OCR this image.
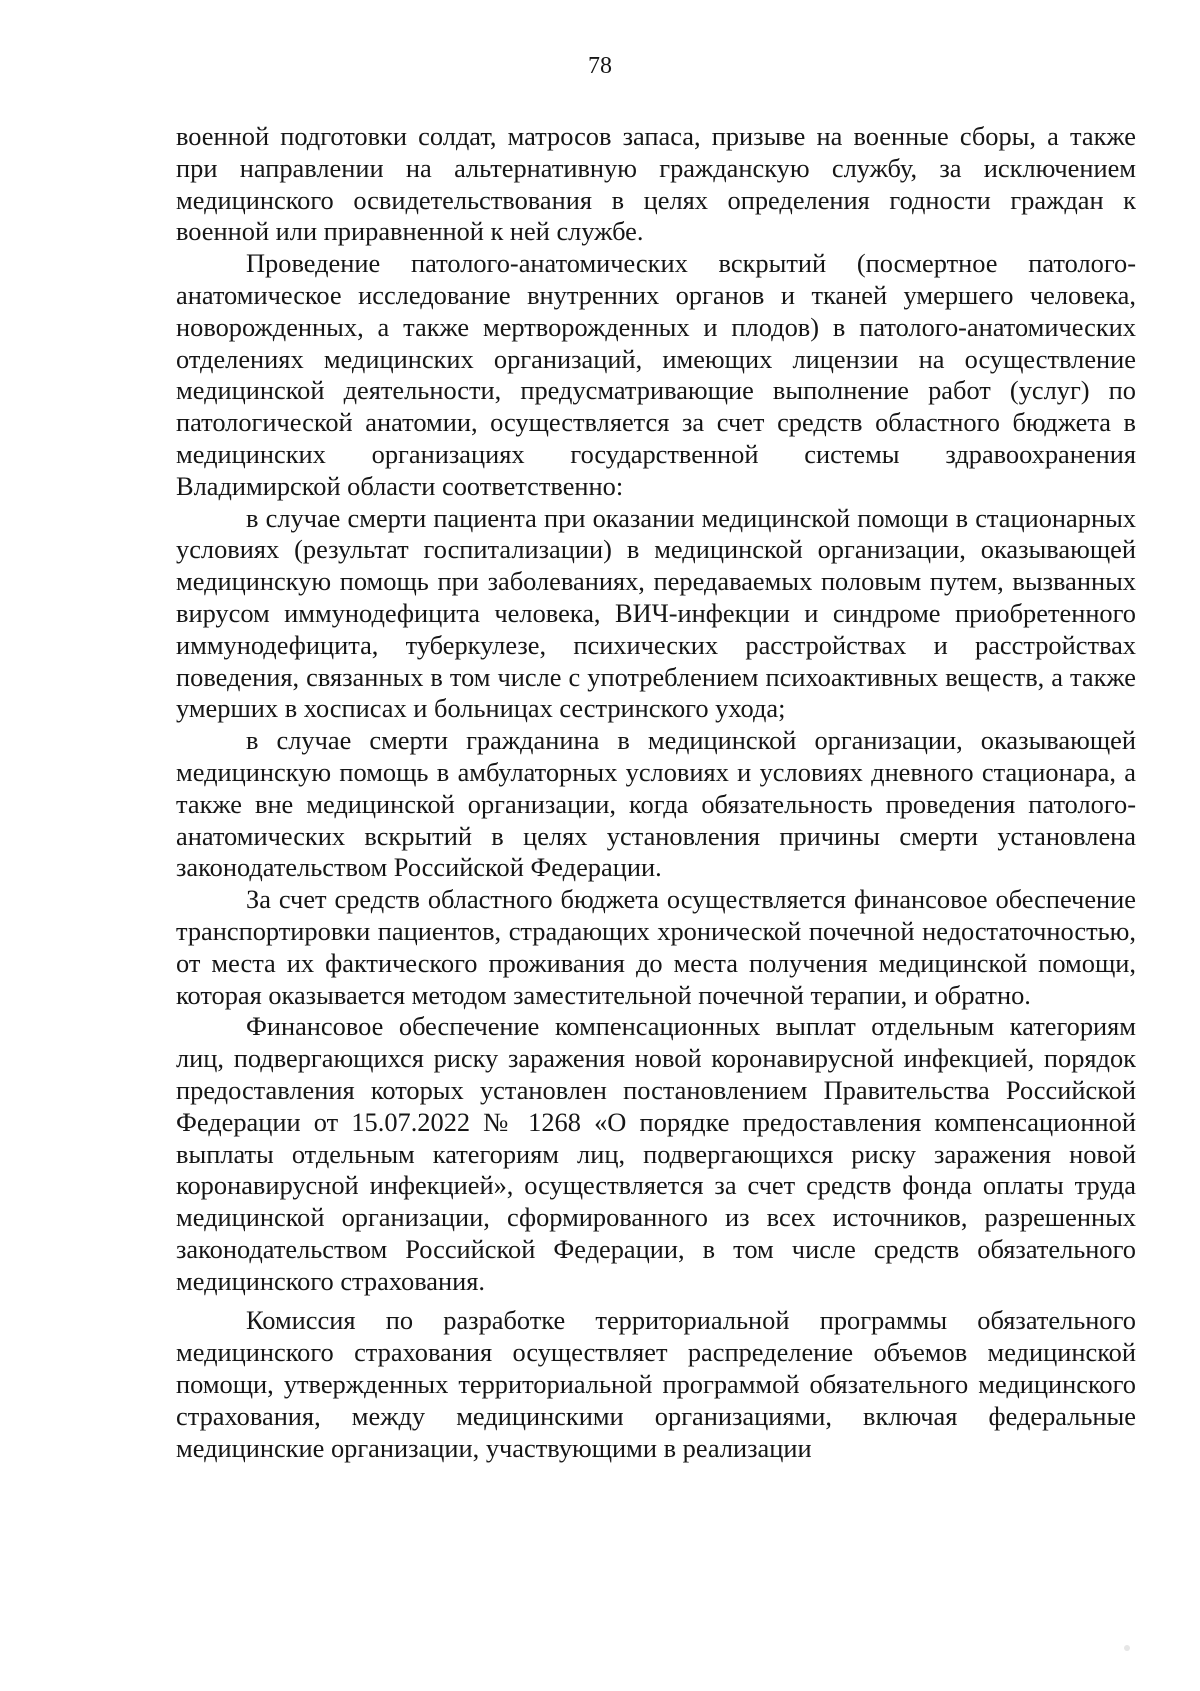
78

военной подготовки солдат, матросов запаса, призыве на военные сборы, а также при направлении на альтернативную гражданскую службу, за исключением медицинского освидетельствования в целях определения годности граждан к военной или приравненной к ней службе.

Проведение патолого-анатомических вскрытий (посмертное патолого-анатомическое исследование внутренних органов и тканей умершего человека, новорожденных, а также мертворожденных и плодов) в патолого-анатомических отделениях медицинских организаций, имеющих лицензии на осуществление медицинской деятельности, предусматривающие выполнение работ (услуг) по патологической анатомии, осуществляется за счет средств областного бюджета в медицинских организациях государственной системы здравоохранения Владимирской области соответственно:

в случае смерти пациента при оказании медицинской помощи в стационарных условиях (результат госпитализации) в медицинской организации, оказывающей медицинскую помощь при заболеваниях, передаваемых половым путем, вызванных вирусом иммунодефицита человека, ВИЧ-инфекции и синдроме приобретенного иммунодефицита, туберкулезе, психических расстройствах и расстройствах поведения, связанных в том числе с употреблением психоактивных веществ, а также умерших в хосписах и больницах сестринского ухода;

в случае смерти гражданина в медицинской организации, оказывающей медицинскую помощь в амбулаторных условиях и условиях дневного стационара, а также вне медицинской организации, когда обязательность проведения патолого-анатомических вскрытий в целях установления причины смерти установлена законодательством Российской Федерации.

За счет средств областного бюджета осуществляется финансовое обеспечение транспортировки пациентов, страдающих хронической почечной недостаточностью, от места их фактического проживания до места получения медицинской помощи, которая оказывается методом заместительной почечной терапии, и обратно.

Финансовое обеспечение компенсационных выплат отдельным категориям лиц, подвергающихся риску заражения новой коронавирусной инфекцией, порядок предоставления которых установлен постановлением Правительства Российской Федерации от 15.07.2022 № 1268 «О порядке предоставления компенсационной выплаты отдельным категориям лиц, подвергающихся риску заражения новой коронавирусной инфекцией», осуществляется за счет средств фонда оплаты труда медицинской организации, сформированного из всех источников, разрешенных законодательством Российской Федерации, в том числе средств обязательного медицинского страхования.

Комиссия по разработке территориальной программы обязательного медицинского страхования осуществляет распределение объемов медицинской помощи, утвержденных территориальной программой обязательного медицинского страхования, между медицинскими организациями, включая федеральные медицинские организации, участвующими в реализации
